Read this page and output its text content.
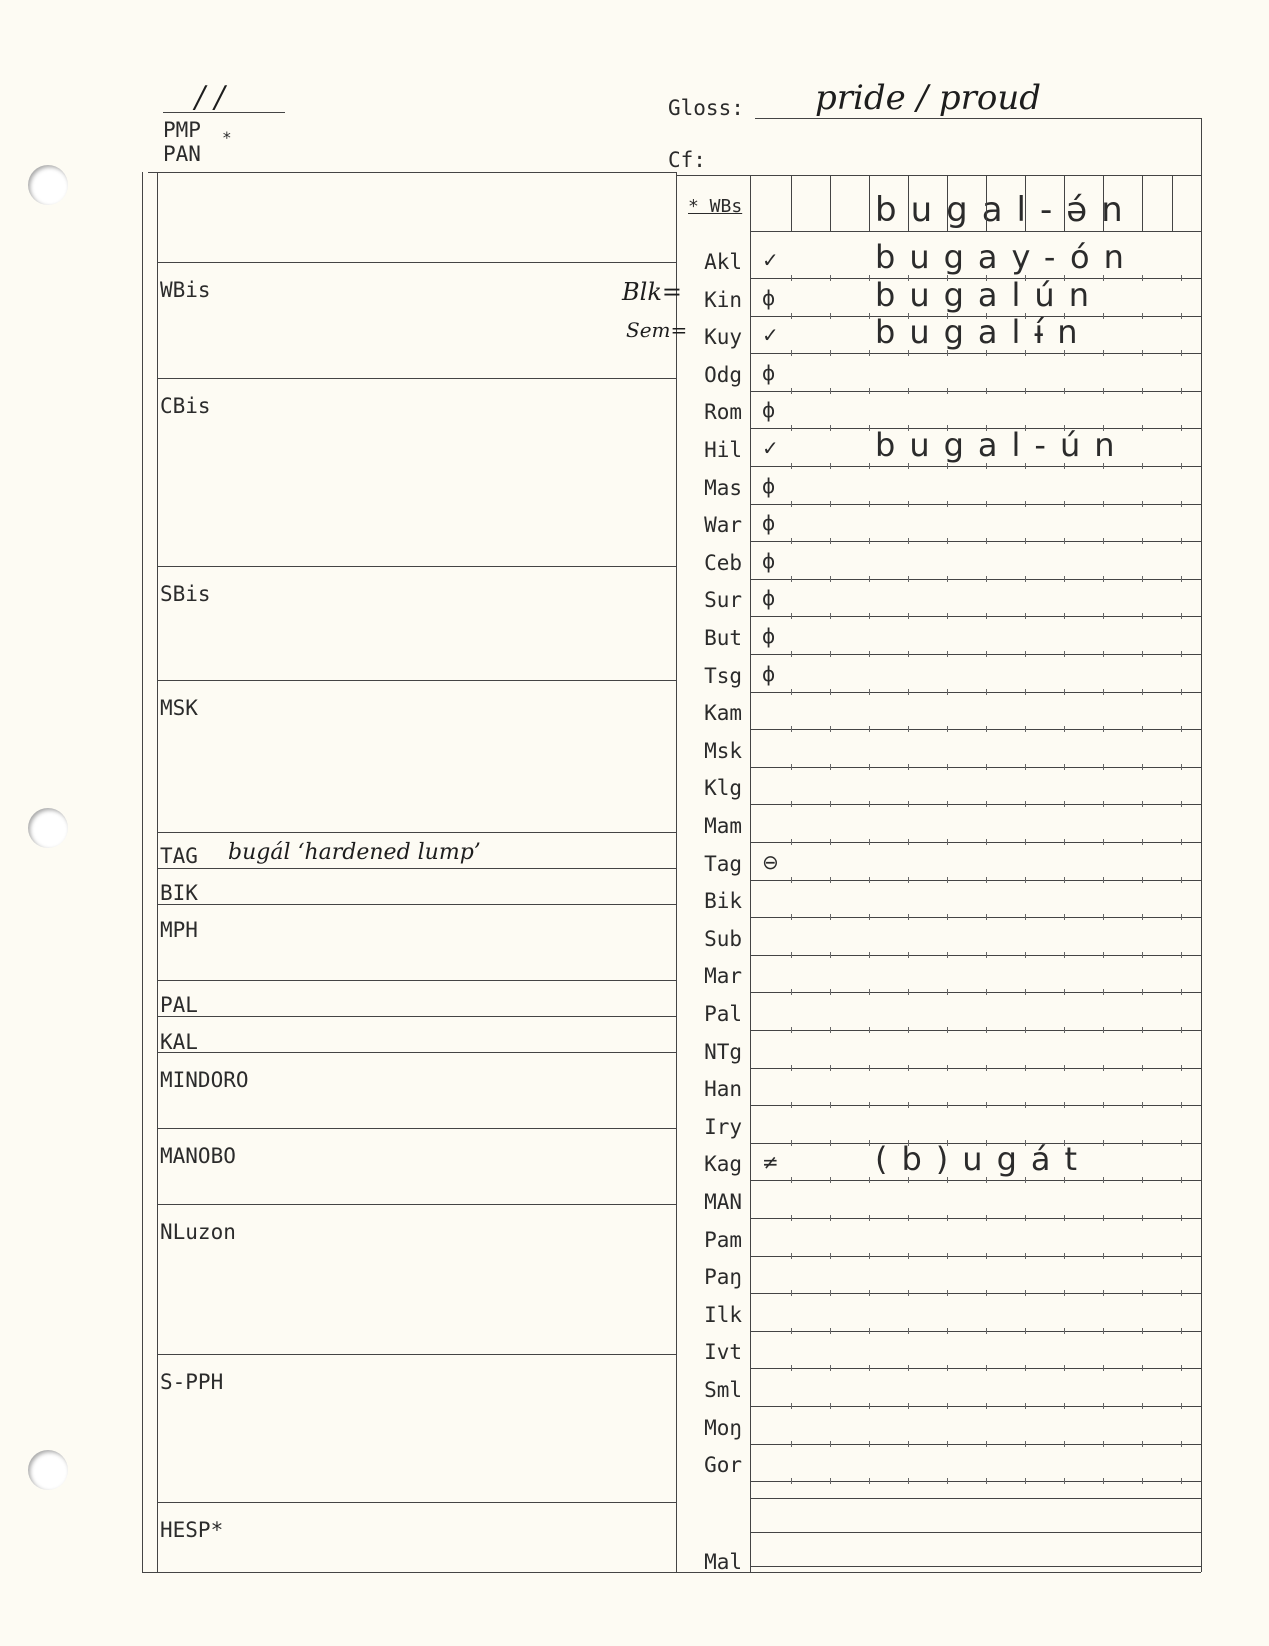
/ /
PMP *
PAN
Gloss: pride / proud
Cf:
WBis
CBis
SBis
MSK
TAG bugál ‘hardened lump’
BIK
MPH
PAL
KAL
MINDORO
MANOBO
NLuzon
S-PPH
HESP*
Blk=
Sem=
* WBs	bugal-ə́n
Akl ✓	bugay-ón
Kin ϕ	bugalún
Kuy ✓	bugalɨ́n
Odg ϕ
Rom ϕ
Hil ✓	bugal-ún
Mas ϕ
War ϕ
Ceb ϕ
Sur ϕ
But ϕ
Tsg ϕ
Kam
Msk
Klg
Mam
Tag ⊖
Bik
Sub
Mar
Pal
NTg
Han
Iry
Kag ≠	(b)ugát
MAN
Pam
Paŋ
Ilk
Ivt
Sml
Moŋ
Gor
Mal
